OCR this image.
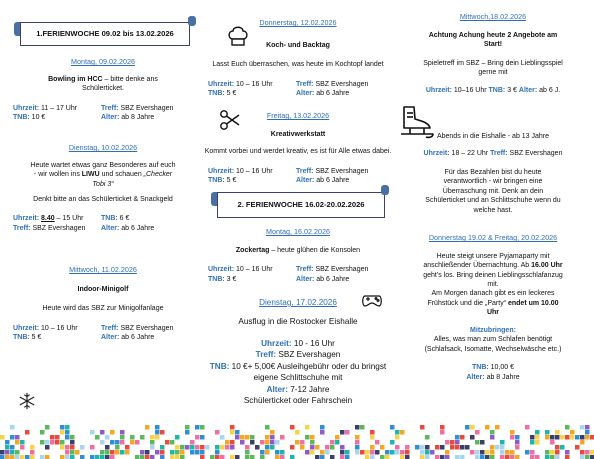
1.FERIENWOCHE 09.02 bis 13.02.2026
Montag, 09.02.2026
Bowling im HCC – bitte denke ans
Schülerticket.
Uhrzeit: 11 – 17 Uhr	Treff: SBZ Evershagen
TNB: 10 €	Alter: ab 8 Jahre
Dienstag, 10.02.2026
Heute wartet etwas ganz Besonderes auf euch
- wir wollen ins LIWU und schauen „Checker
Tobi 3“
Denkt bitte an das Schülerticket & Snackgeld
Uhrzeit: 8.40 – 15 Uhr	TNB: 6 €
Treff: SBZ Evershagen	Alter: ab 6 Jahre
Mittwoch, 11.02.2026
Indoor-Minigolf
Heute wird das SBZ zur Minigolfanlage
Uhrzeit: 10 – 16 Uhr	Treff: SBZ Evershagen
TNB: 5 €	Alter: ab 6 Jahre
Donnerstag, 12.02.2026
Koch- und Backtag
Lasst Euch überraschen, was heute im Kochtopf landet
Uhrzeit: 10 – 16 Uhr	Treff: SBZ Evershagen
TNB: 5 €	Alter: ab 6 Jahre
Freitag, 13.02.2026
Kreativwerkstatt
Kommt vorbei und werdet kreativ, es ist für Alle etwas dabei.
Uhrzeit: 10 – 16 Uhr	Treff: SBZ Evershagen
TNB: 5 €	Alter: ab 6 Jahre
2. FERIENWOCHE 16.02-20.02.2026
Montag, 16.02.2026
Zockertag – heute glühen die Konsolen
Uhrzeit: 10 – 16 Uhr	Treff: SBZ Evershagen
TNB: 3 €	Alter: ab 6 Jahre
Dienstag, 17.02.2026
Ausflug in die Rostocker Eishalle
Uhrzeit: 10 - 16 Uhr
Treff: SBZ Evershagen
TNB: 10 €+ 5,00€ Ausleihgebühr oder du bringst
eigene Schlittschuhe mit
Alter: 7-12 Jahre
Schülerticket oder Fahrschein
Mittwoch,18.02.2026
Achtung Achung heute 2 Angebote am
Start!
Spieletreff im SBZ – Bring dein Lieblingsspiel
gerne mit
Uhrzeit: 10–16 Uhr TNB: 3 € Alter: ab 6 J.
Abends in die Eishalle - ab 13 Jahre
Uhrzeit: 18 – 22 Uhr Treff: SBZ Evershagen
Für das Bezahlen bist du heute
verantwortlich - wir bringen eine
Überraschung mit. Denk an dein
Schülerticket und an Schlittschuhe wenn du
welche hast.
Donnerstag 19.02 & Freitag, 20.02.2026
Heute steigt unsere Pyjamaparty mit
anschließender Übernachtung. Ab 16.00 Uhr
geht's los. Bring deinen Lieblingsschlafanzug
mit.
Am Morgen danach gibt es ein leckeres
Frühstück und die „Party“ endet um 10.00
Uhr
Mitzubringen:
Alles, was man zum Schlafen benötigt
(Schlafsack, Isomatte, Wechselwäsche etc.)
TNB: 10,00 €
Alter: ab 8 Jahre
